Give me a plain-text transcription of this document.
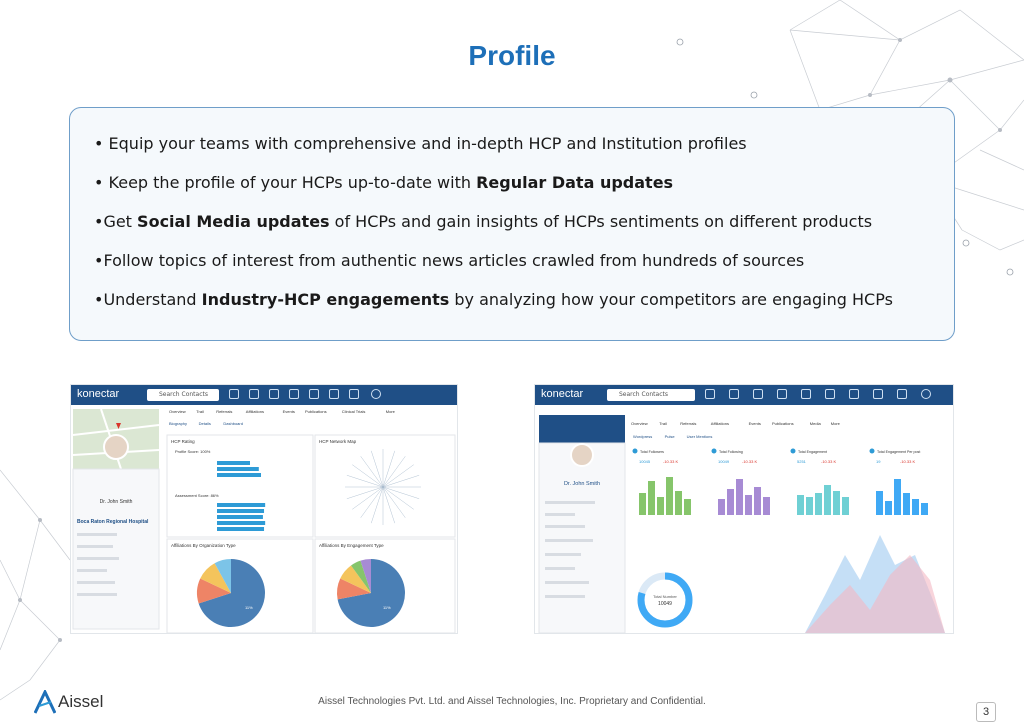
Profile
• Equip your teams with comprehensive and in-depth HCP and Institution profiles
• Keep the profile of your HCPs up-to-date with Regular Data updates
•Get Social Media updates of HCPs and gain insights of HCPs sentiments on different products
•Follow topics of interest from authentic news articles crawled from hundreds of sources
•Understand Industry-HCP engagements by analyzing how your competitors are engaging HCPs
konectar	Search Contacts
Dr. John Smith
Boca Raton Regional Hospital
Overview	Trail	Referrals	Affiliations	Events	Publications	Clinical Trials	More
Biography	Details	Dashboard
HCP Rating
Profile Score: 100%
Assessment Score: 86%
HCP Network Map
Affiliations By Organization Type
11%
Affiliations By Engagement Type
11%
konectar	Search Contacts
Dr. John Smith
Overview	Trail	Referrals	Affiliations	Events	Publications	Media	More
Wordpress	Pulse	User Mentions
Total Followers
10045	-10.33 K
Total Following
10049	-10.33 K
Total Engagement
5251	-10.33 K
Total Engagement Per post
19	-10.33 K
Total Number
10049
Aissel Technologies Pvt. Ltd. and Aissel Technologies, Inc. Proprietary and Confidential.
3
Aissel
